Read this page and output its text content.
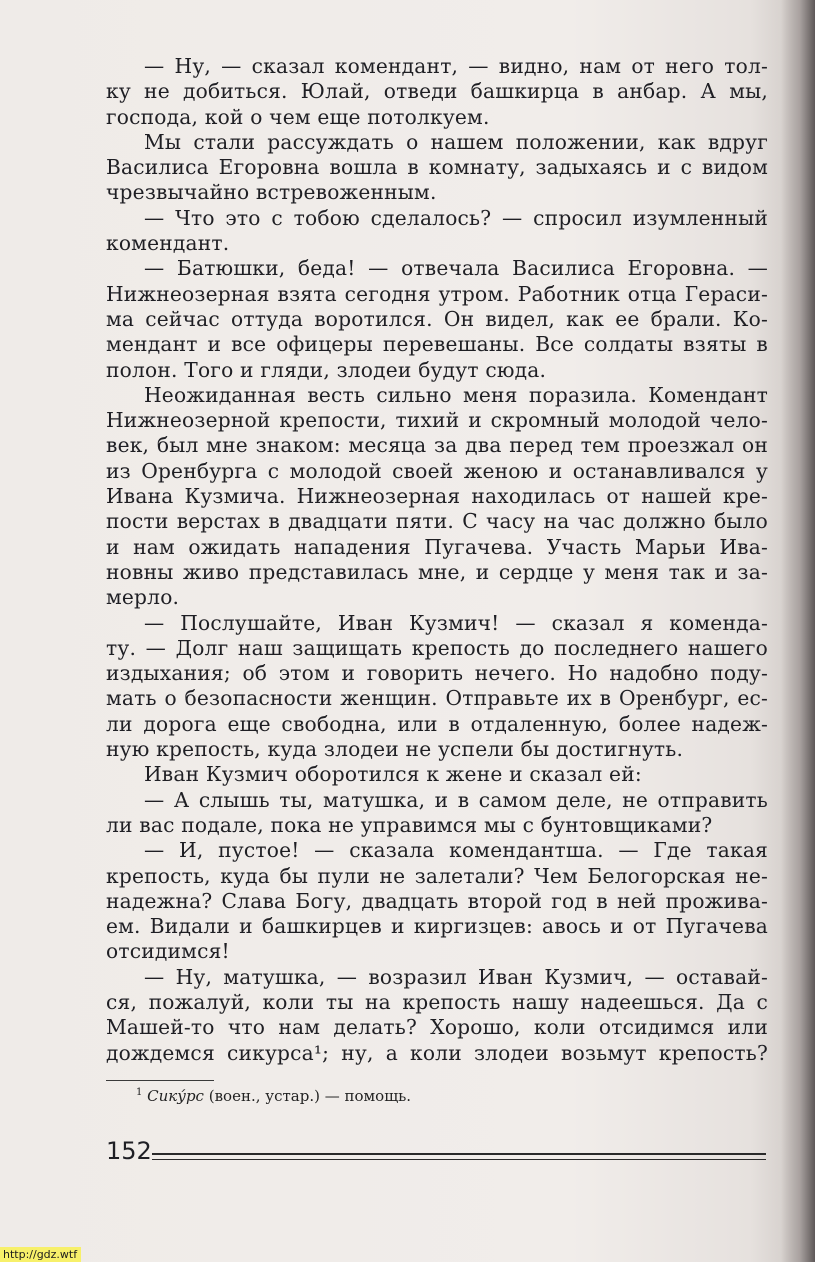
— Ну, — сказал комендант, — видно, нам от него тол-
ку не добиться. Юлай, отведи башкирца в анбар. А мы,
господа, кой о чем еще потолкуем.
Мы стали рассуждать о нашем положении, как вдруг
Василиса Егоровна вошла в комнату, задыхаясь и с видом
чрезвычайно встревоженным.
— Что это с тобою сделалось? — спросил изумленный
комендант.
— Батюшки, беда! — отвечала Василиса Егоровна. —
Нижнеозерная взята сегодня утром. Работник отца Гераси-
ма сейчас оттуда воротился. Он видел, как ее брали. Ко-
мендант и все офицеры перевешаны. Все солдаты взяты в
полон. Того и гляди, злодеи будут сюда.
Неожиданная весть сильно меня поразила. Комендант
Нижнеозерной крепости, тихий и скромный молодой чело-
век, был мне знаком: месяца за два перед тем проезжал он
из Оренбурга с молодой своей женою и останавливался у
Ивана Кузмича. Нижнеозерная находилась от нашей кре-
пости верстах в двадцати пяти. С часу на час должно было
и нам ожидать нападения Пугачева. Участь Марьи Ива-
новны живо представилась мне, и сердце у меня так и за-
мерло.
— Послушайте, Иван Кузмич! — сказал я коменда-
ту. — Долг наш защищать крепость до последнего нашего
издыхания; об этом и говорить нечего. Но надобно поду-
мать о безопасности женщин. Отправьте их в Оренбург, ес-
ли дорога еще свободна, или в отдаленную, более надеж-
ную крепость, куда злодеи не успели бы достигнуть.
Иван Кузмич оборотился к жене и сказал ей:
— А слышь ты, матушка, и в самом деле, не отправить
ли вас подале, пока не управимся мы с бунтовщиками?
— И, пустое! — сказала комендантша. — Где такая
крепость, куда бы пули не залетали? Чем Белогорская не-
надежна? Слава Богу, двадцать второй год в ней прожива-
ем. Видали и башкирцев и киргизцев: авось и от Пугачева
отсидимся!
— Ну, матушка, — возразил Иван Кузмич, — оставай-
ся, пожалуй, коли ты на крепость нашу надеешься. Да с
Машей-то что нам делать? Хорошо, коли отсидимся или
дождемся сикурса¹; ну, а коли злодеи возьмут крепость?
$^1$ Сику́рс (воен., устар.) — помощь.
152
http://gdz.wtf
